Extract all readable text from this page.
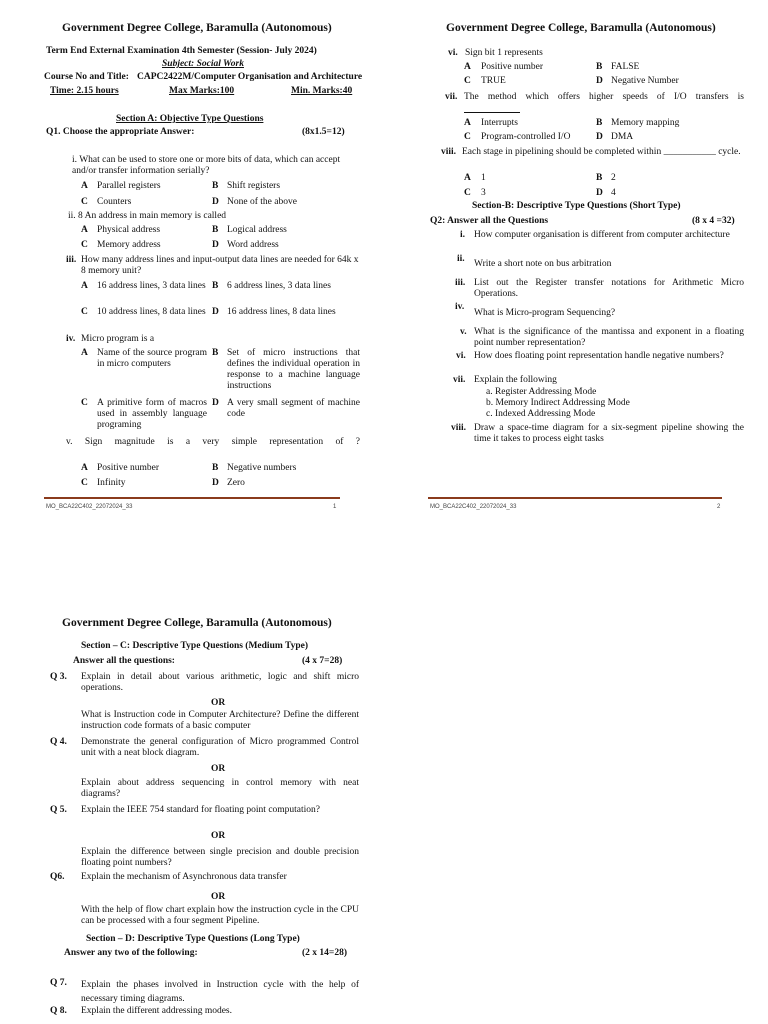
Government Degree College, Baramulla (Autonomous)
Term End External Examination 4th Semester (Session- July 2024)
Subject: Social Work
Course No and Title: CAPC2422M/Computer Organisation and Architecture
Time: 2.15 hours	Max Marks:100	Min. Marks:40
Section A: Objective Type Questions
Q1. Choose the appropriate Answer:	(8x1.5=12)
i. What can be used to store one or more bits of data, which can accept and/or transfer information serially?
A Parallel registers	B Shift registers
C Counters	D None of the above
ii. 8 An address in main memory is called
A Physical address	B Logical address
C Memory address	D Word address
iii. How many address lines and input-output data lines are needed for 64k x 8 memory unit?
A 16 address lines, 3 data lines B 6 address lines, 3 data lines
C 10 address lines, 8 data lines D 16 address lines, 8 data lines
iv. Micro program is a
A Name of the source program in micro computers
B Set of micro instructions that defines the individual operation in response to a machine language instructions
C A primitive form of macros used in assembly language programing
D A very small segment of machine code
v. Sign magnitude is a very simple representation of ?
A Positive number	B Negative numbers
C Infinity	D Zero
MO_BCA22C402_22072024_33	1
Government Degree College, Baramulla (Autonomous)
vi. Sign bit 1 represents
A Positive number	B FALSE
C TRUE	D Negative Number
vii. The method which offers higher speeds of I/O transfers is
A Interrupts	B Memory mapping
C Program-controlled I/O	D DMA
viii. Each stage in pipelining should be completed within ___________ cycle.
A 1	B 2
C 3	D 4
Section-B: Descriptive Type Questions (Short Type)
Q2: Answer all the Questions	(8 x 4 =32)
i. How computer organisation is different from computer architecture
ii. Write a short note on bus arbitration
iii. List out the Register transfer notations for Arithmetic Micro Operations.
iv.
What is Micro-program Sequencing?
v. What is the significance of the mantissa and exponent in a floating point number representation?
vi. How does floating point representation handle negative numbers?
vii. Explain the following
a. Register Addressing Mode
b. Memory Indirect Addressing Mode
c. Indexed Addressing Mode
viii. Draw a space-time diagram for a six-segment pipeline showing the time it takes to process eight tasks
MO_BCA22C402_22072024_33	2
Government Degree College, Baramulla (Autonomous)
Section – C: Descriptive Type Questions (Medium Type)
Answer all the questions:	(4 x 7=28)
Q 3. Explain in detail about various arithmetic, logic and shift micro operations.
OR
What is Instruction code in Computer Architecture? Define the different instruction code formats of a basic computer
Q 4. Demonstrate the general configuration of Micro programmed Control unit with a neat block diagram.
OR
Explain about address sequencing in control memory with neat diagrams?
Q 5. Explain the IEEE 754 standard for floating point computation?
OR
Explain the difference between single precision and double precision floating point numbers?
Q6. Explain the mechanism of Asynchronous data transfer
OR
With the help of flow chart explain how the instruction cycle in the CPU can be processed with a four segment Pipeline.
Section – D: Descriptive Type Questions (Long Type)
Answer any two of the following:	(2 x 14=28)
Q 7. Explain the phases involved in Instruction cycle with the help of necessary timing diagrams.
Q 8. Explain the different addressing modes.
